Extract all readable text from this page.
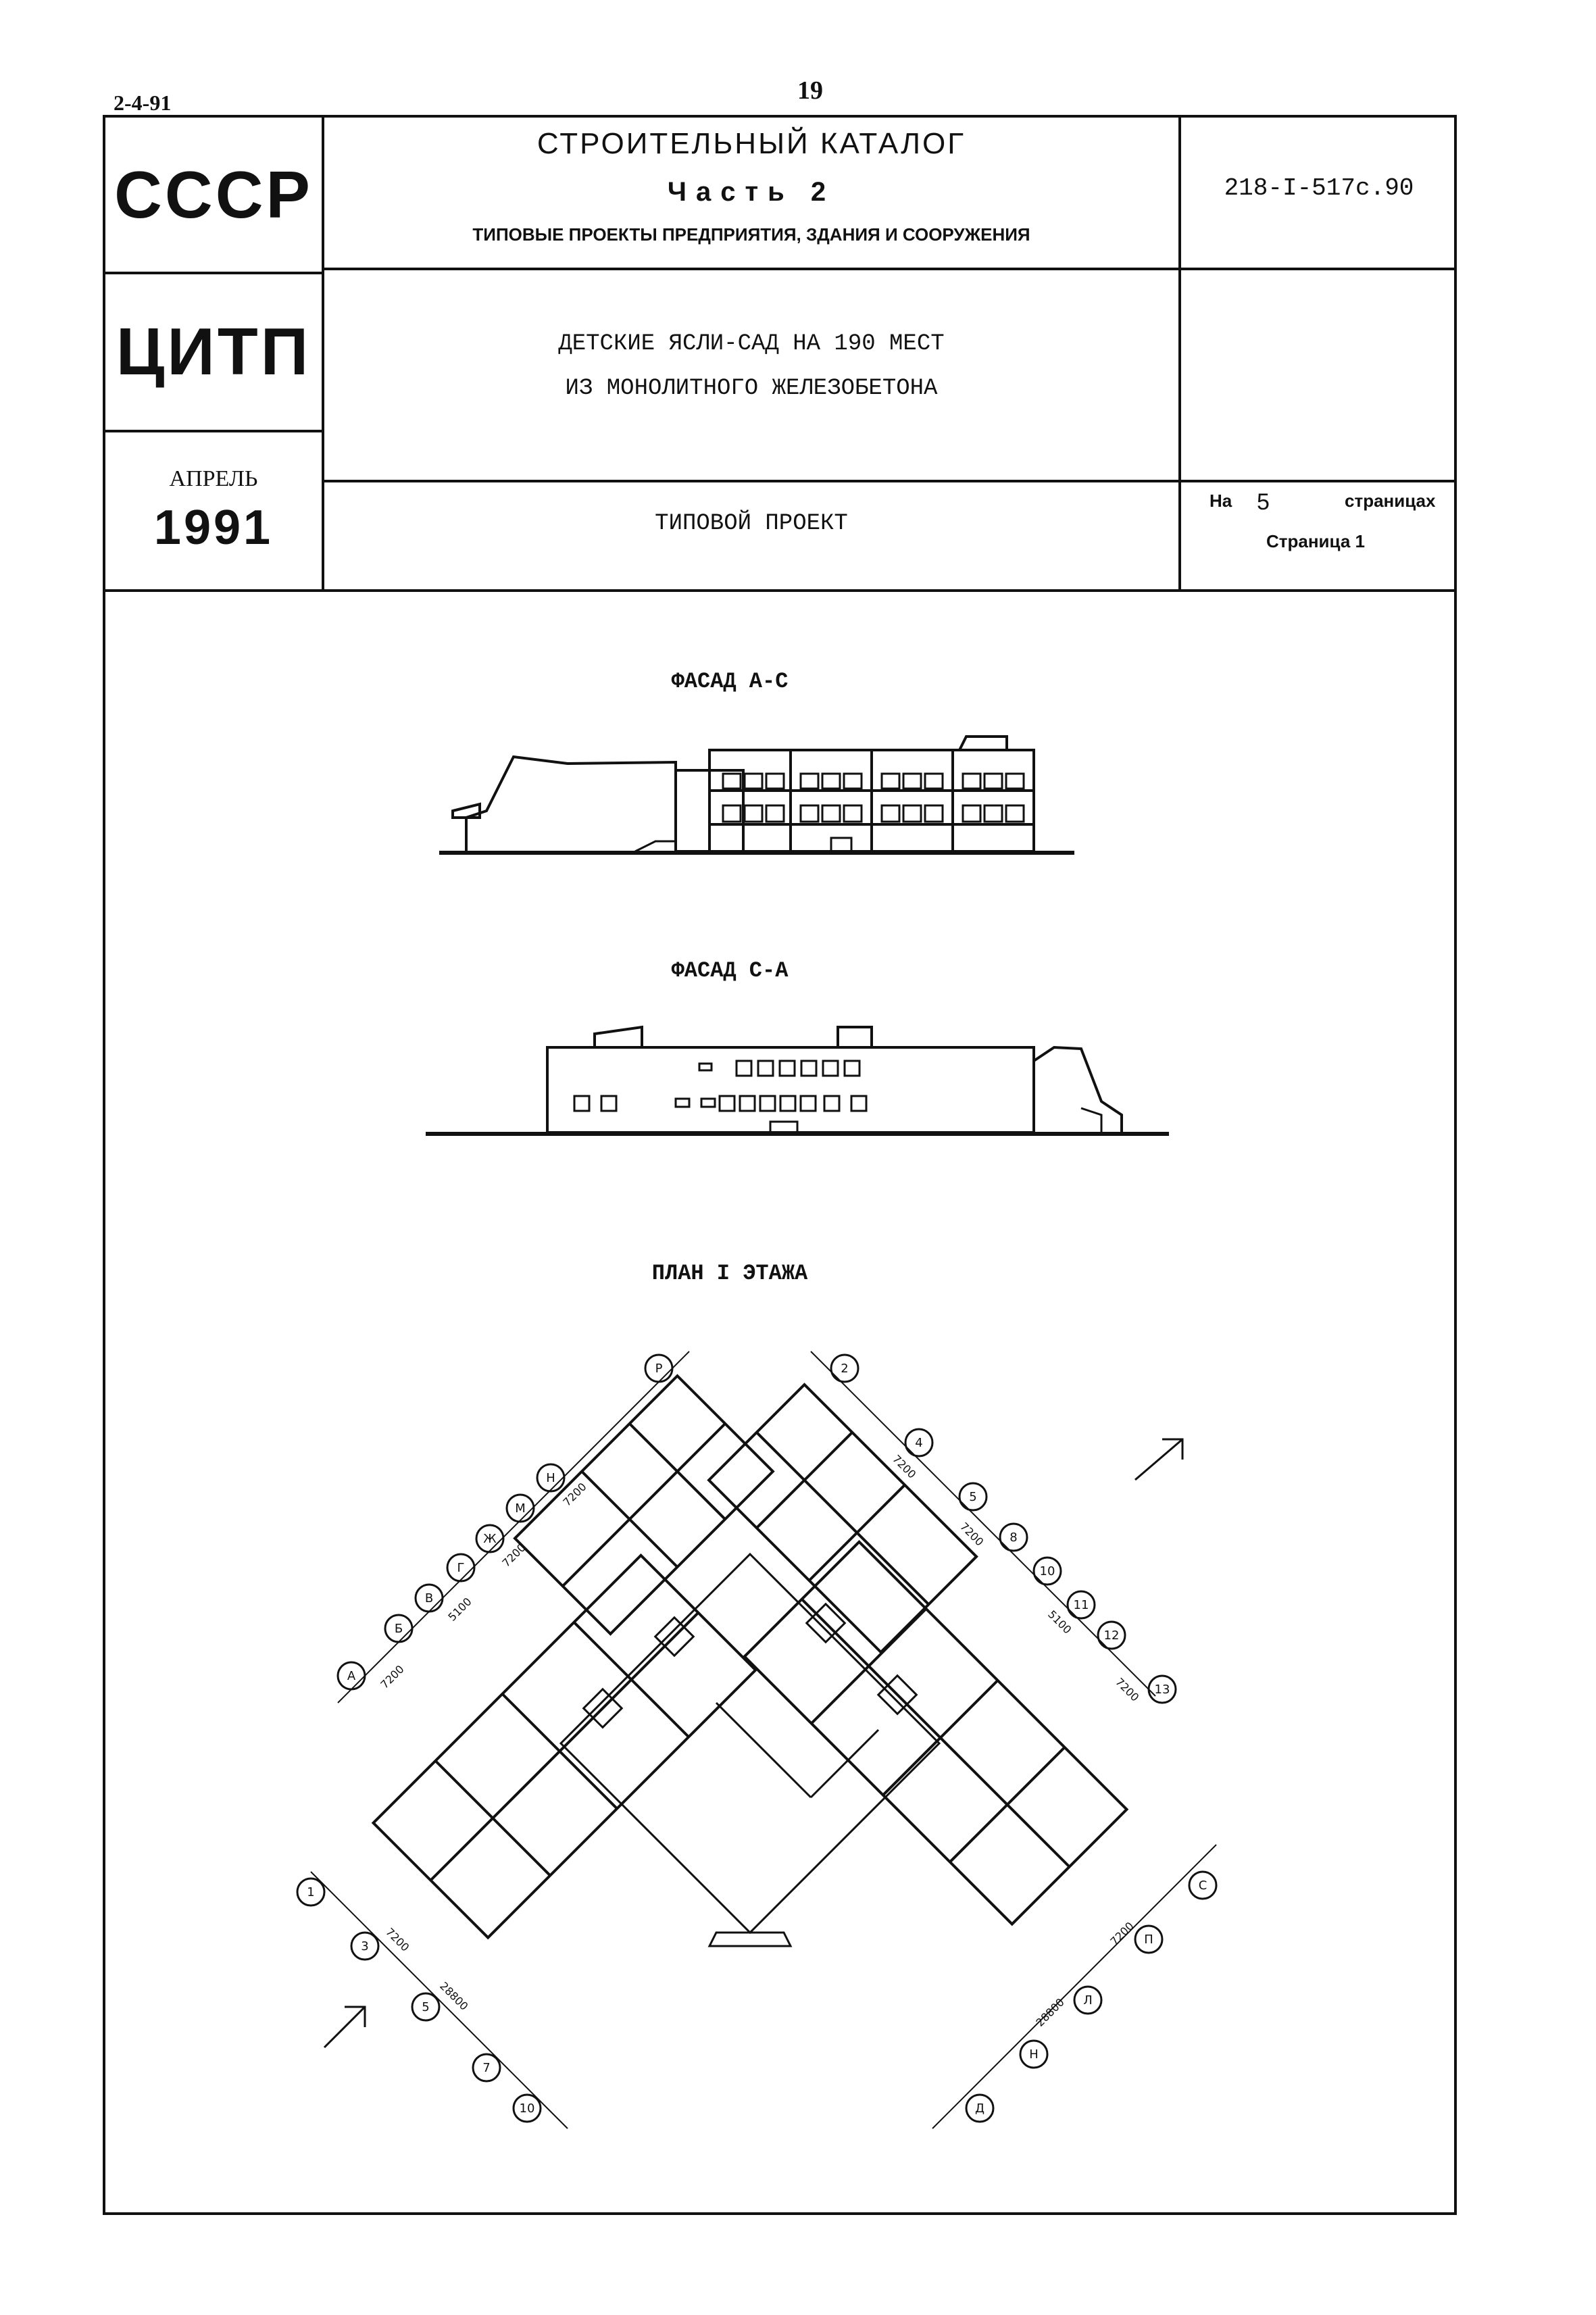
2-4-91	19
СССР
ЦИТП
АПРЕЛЬ
1991
СТРОИТЕЛЬНЫЙ КАТАЛОГ
Часть 2
ТИПОВЫЕ ПРОЕКТЫ ПРЕДПРИЯТИЯ, ЗДАНИЯ И СООРУЖЕНИЯ
ДЕТСКИЕ ЯСЛИ-САД НА 190 МЕСТ
ИЗ МОНОЛИТНОГО ЖЕЛЕЗОБЕТОНА
ТИПОВОЙ ПРОЕКТ
218-I-517с.90
На 5	страницах
Страница 1
ФАСАД А-С
ФАСАД С-А
ПЛАН I ЭТАЖА
А
Б
В
Г
Ж
М
Н
Р	2
4
5
8
10
11
12
13
1
3
5
7
10	Д
Н
Л
П
С
7200
5100
7200
7200
7200
7200
5100
7200
7200
28800	28800
7200
